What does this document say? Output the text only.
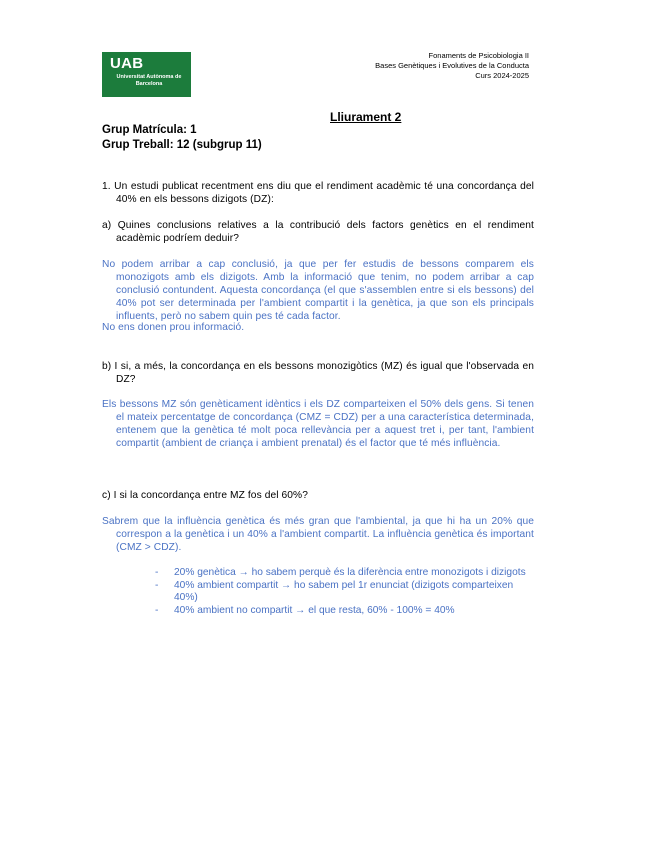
UAB
Universitat Autònoma de Barcelona
Fonaments de Psicobiologia II
Bases Genètiques i Evolutives de la Conducta
Curs 2024-2025
Lliurament 2
Grup Matrícula: 1
Grup Treball: 12 (subgrup 11)
1. Un estudi publicat recentment ens diu que el rendiment acadèmic té una concordança del 40% en els bessons dizigots (DZ):
a) Quines conclusions relatives a la contribució dels factors genètics en el rendiment acadèmic podríem deduir?
No podem arribar a cap conclusió, ja que per fer estudis de bessons comparem els monozigots amb els dizigots. Amb la informació que tenim, no podem arribar a cap conclusió contundent. Aquesta concordança (el que s'assemblen entre si els bessons) del 40% pot ser determinada per l'ambient compartit i la genètica, ja que son els principals influents, però no sabem quin pes té cada factor.
No ens donen prou informació.
b) I si, a més, la concordança en els bessons monozigòtics (MZ) és igual que l'observada en DZ?
Els bessons MZ són genèticament idèntics i els DZ comparteixen el 50% dels gens. Si tenen el mateix percentatge de concordança (CMZ = CDZ) per a una característica determinada, entenem que la genètica té molt poca rellevància per a aquest tret i, per tant, l'ambient compartit (ambient de criança i ambient prenatal) és el factor que té més influència.
c) I si la concordança entre MZ fos del 60%?
Sabrem que la influència genètica és més gran que l'ambiental, ja que hi ha un 20% que correspon a la genètica i un 40% a l'ambient compartit. La influència genètica és important (CMZ > CDZ).
- 20% genètica → ho sabem perquè és la diferència entre monozigots i dizigots
- 40% ambient compartit → ho sabem pel 1r enunciat (dizigots comparteixen 40%)
- 40% ambient no compartit → el que resta, 60% - 100% = 40%
